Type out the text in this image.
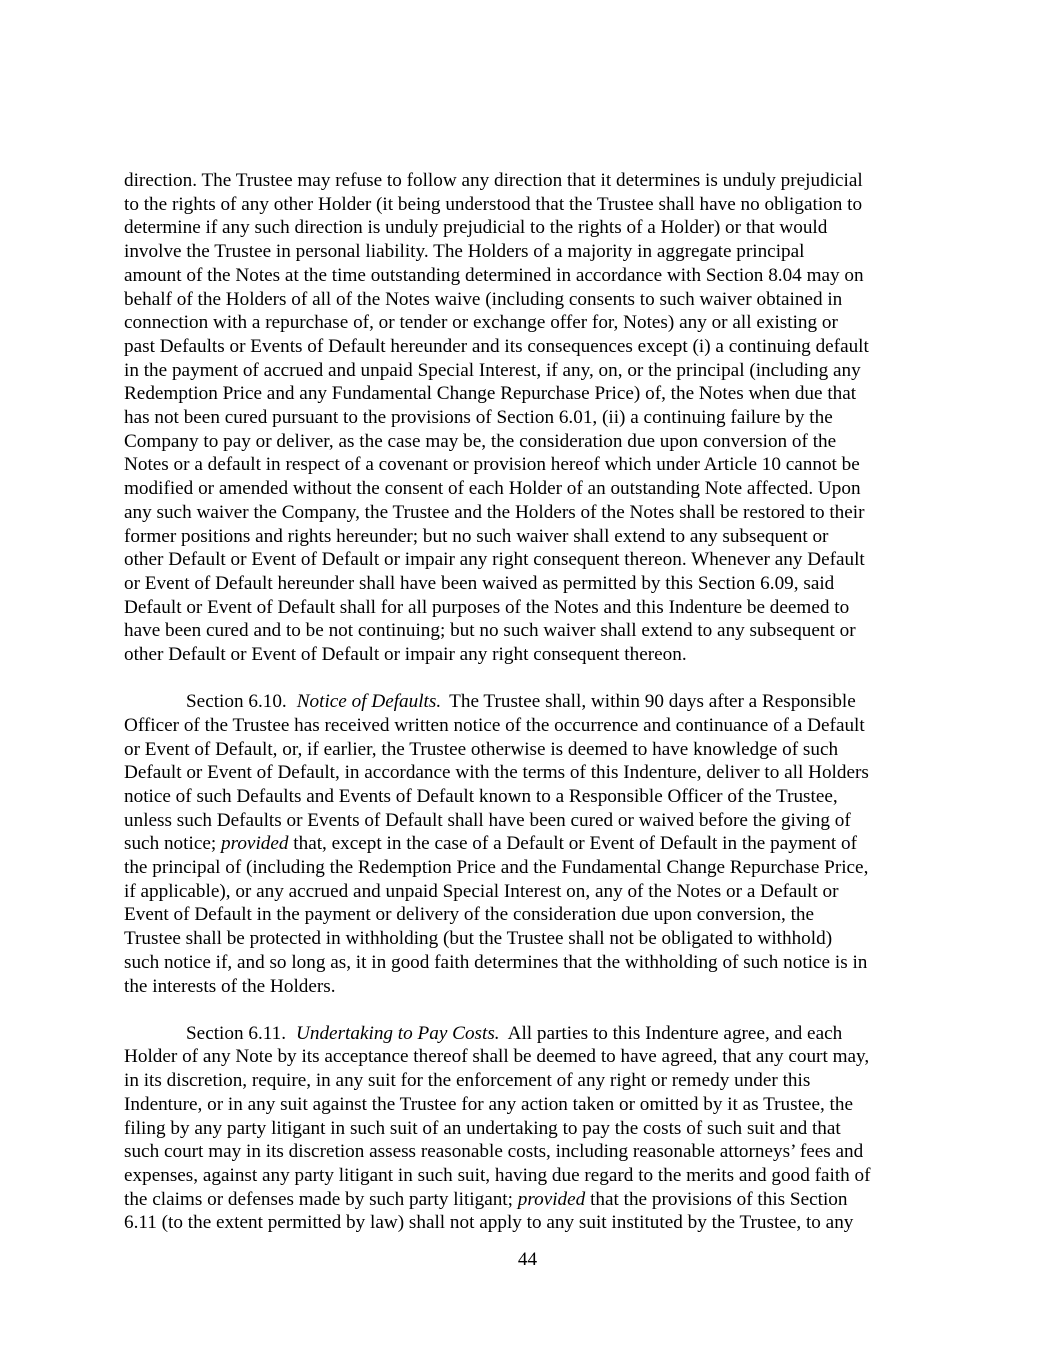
direction. The Trustee may refuse to follow any direction that it determines is unduly prejudicial
to the rights of any other Holder (it being understood that the Trustee shall have no obligation to
determine if any such direction is unduly prejudicial to the rights of a Holder) or that would
involve the Trustee in personal liability. The Holders of a majority in aggregate principal
amount of the Notes at the time outstanding determined in accordance with Section 8.04 may on
behalf of the Holders of all of the Notes waive (including consents to such waiver obtained in
connection with a repurchase of, or tender or exchange offer for, Notes) any or all existing or
past Defaults or Events of Default hereunder and its consequences except (i) a continuing default
in the payment of accrued and unpaid Special Interest, if any, on, or the principal (including any
Redemption Price and any Fundamental Change Repurchase Price) of, the Notes when due that
has not been cured pursuant to the provisions of Section 6.01, (ii) a continuing failure by the
Company to pay or deliver, as the case may be, the consideration due upon conversion of the
Notes or a default in respect of a covenant or provision hereof which under Article 10 cannot be
modified or amended without the consent of each Holder of an outstanding Note affected. Upon
any such waiver the Company, the Trustee and the Holders of the Notes shall be restored to their
former positions and rights hereunder; but no such waiver shall extend to any subsequent or
other Default or Event of Default or impair any right consequent thereon. Whenever any Default
or Event of Default hereunder shall have been waived as permitted by this Section 6.09, said
Default or Event of Default shall for all purposes of the Notes and this Indenture be deemed to
have been cured and to be not continuing; but no such waiver shall extend to any subsequent or
other Default or Event of Default or impair any right consequent thereon.

Section 6.10. Notice of Defaults. The Trustee shall, within 90 days after a Responsible
Officer of the Trustee has received written notice of the occurrence and continuance of a Default
or Event of Default, or, if earlier, the Trustee otherwise is deemed to have knowledge of such
Default or Event of Default, in accordance with the terms of this Indenture, deliver to all Holders
notice of such Defaults and Events of Default known to a Responsible Officer of the Trustee,
unless such Defaults or Events of Default shall have been cured or waived before the giving of
such notice; provided that, except in the case of a Default or Event of Default in the payment of
the principal of (including the Redemption Price and the Fundamental Change Repurchase Price,
if applicable), or any accrued and unpaid Special Interest on, any of the Notes or a Default or
Event of Default in the payment or delivery of the consideration due upon conversion, the
Trustee shall be protected in withholding (but the Trustee shall not be obligated to withhold)
such notice if, and so long as, it in good faith determines that the withholding of such notice is in
the interests of the Holders.

Section 6.11. Undertaking to Pay Costs. All parties to this Indenture agree, and each
Holder of any Note by its acceptance thereof shall be deemed to have agreed, that any court may,
in its discretion, require, in any suit for the enforcement of any right or remedy under this
Indenture, or in any suit against the Trustee for any action taken or omitted by it as Trustee, the
filing by any party litigant in such suit of an undertaking to pay the costs of such suit and that
such court may in its discretion assess reasonable costs, including reasonable attorneys’ fees and
expenses, against any party litigant in such suit, having due regard to the merits and good faith of
the claims or defenses made by such party litigant; provided that the provisions of this Section
6.11 (to the extent permitted by law) shall not apply to any suit instituted by the Trustee, to any

44
